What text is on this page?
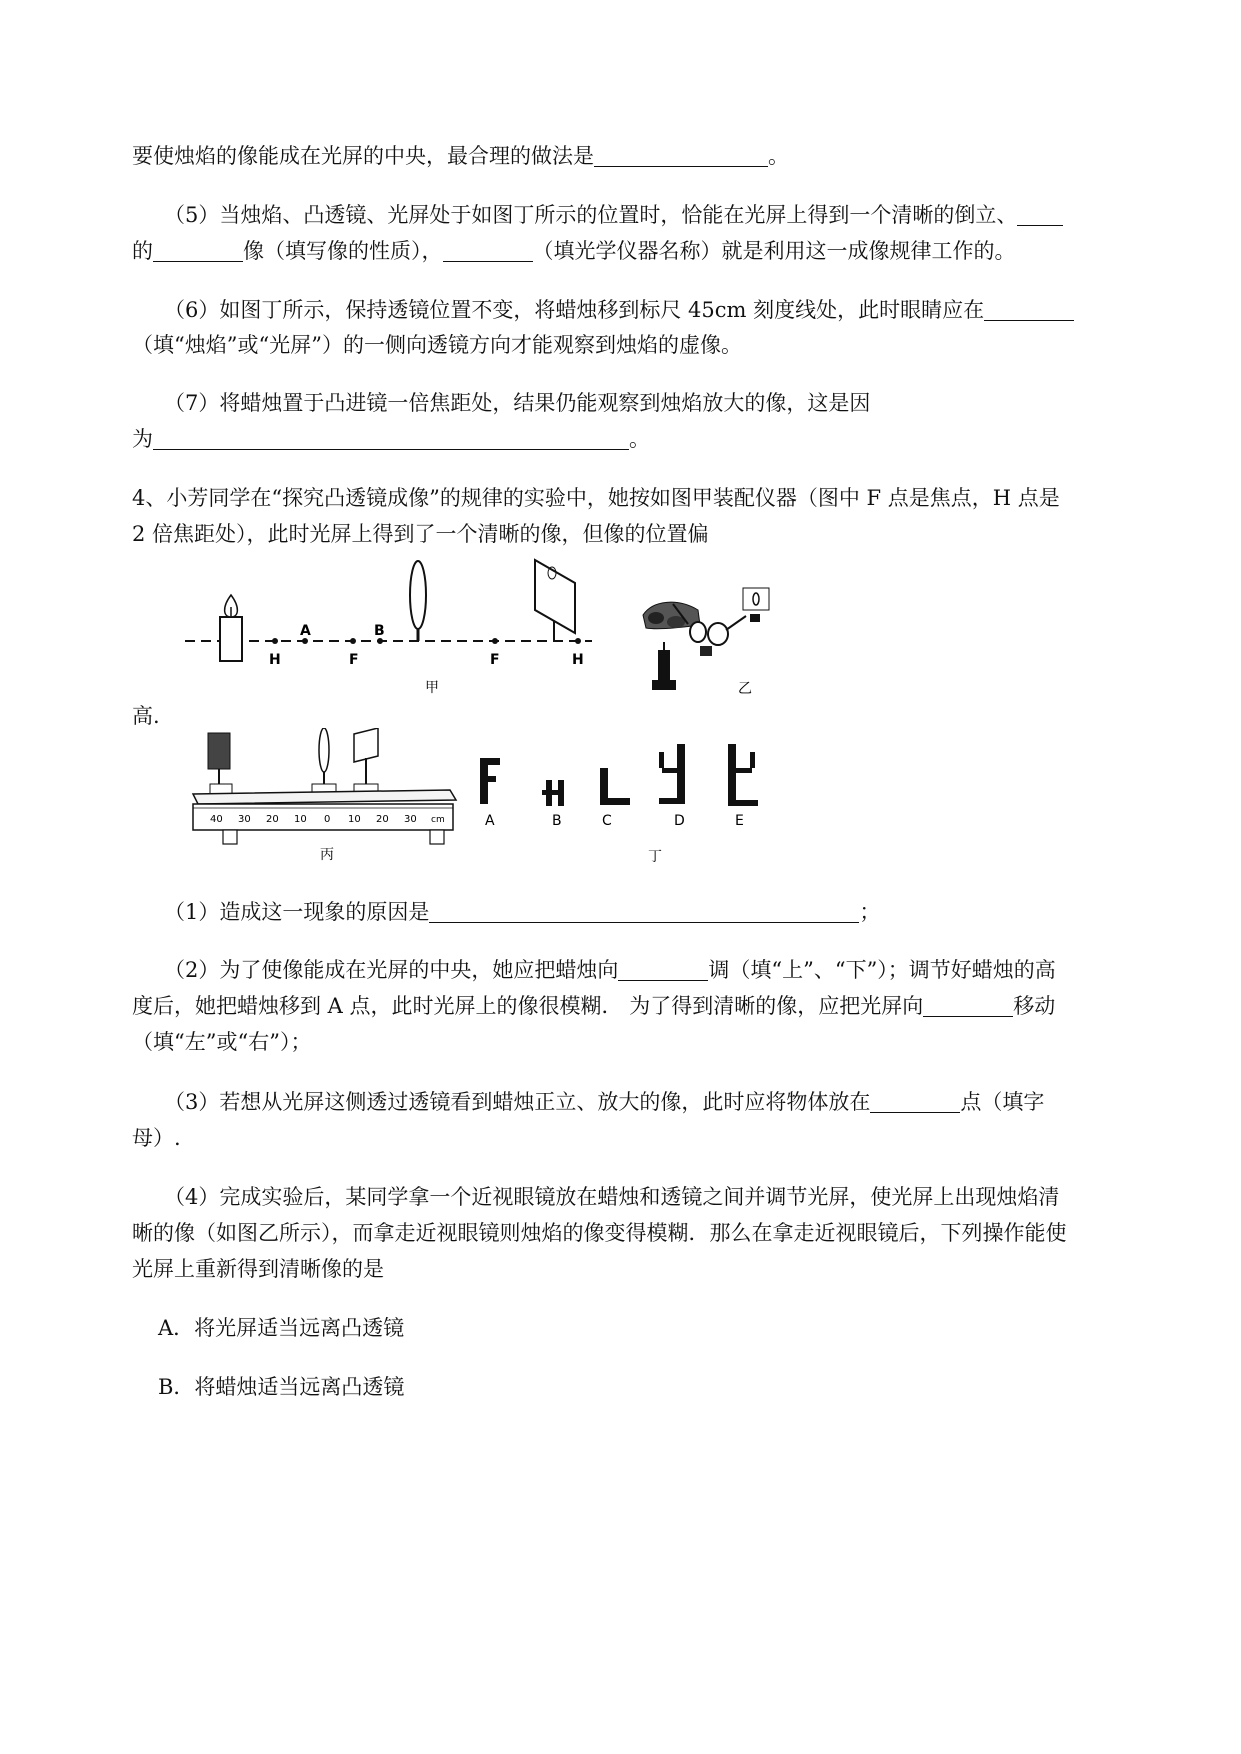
要使烛焰的像能成在光屏的中央，最合理的做法是	。
（5）当烛焰、凸透镜、光屏处于如图丁所示的位置时，恰能在光屏上得到一个清晰的倒立、
的	像（填写像的性质），	（填光学仪器名称）就是利用这一成像规律工作的。
（6）如图丁所示，保持透镜位置不变，将蜡烛移到标尺 45cm 刻度线处，此时眼睛应在
（填“烛焰”或“光屏”）的一侧向透镜方向才能观察到烛焰的虚像。
（7）将蜡烛置于凸进镜一倍焦距处，结果仍能观察到烛焰放大的像，这是因
为	。
4、小芳同学在“探究凸透镜成像”的规律的实验中，她按如图甲装配仪器（图中 F 点是焦点，H 点是
2 倍焦距处），此时光屏上得到了一个清晰的像，但像的位置偏
H
A
F
B
F	H
甲	乙
高.
40 30 20 10 0 10 20 30 cm
丙
A	B	C	D	E
丁
（1）造成这一现象的原因是	；
（2）为了使像能成在光屏的中央，她应把蜡烛向	调（填“上”、“下”）；调节好蜡烛的高
度后，她把蜡烛移到 A 点，此时光屏上的像很模糊． 为了得到清晰的像，应把光屏向	移动
（填“左”或“右”）；
（3）若想从光屏这侧透过透镜看到蜡烛正立、放大的像，此时应将物体放在	点（填字
母）.
（4）完成实验后，某同学拿一个近视眼镜放在蜡烛和透镜之间并调节光屏，使光屏上出现烛焰清
晰的像（如图乙所示），而拿走近视眼镜则烛焰的像变得模糊．那么在拿走近视眼镜后，下列操作能使
光屏上重新得到清晰像的是
A．将光屏适当远离凸透镜
B．将蜡烛适当远离凸透镜
